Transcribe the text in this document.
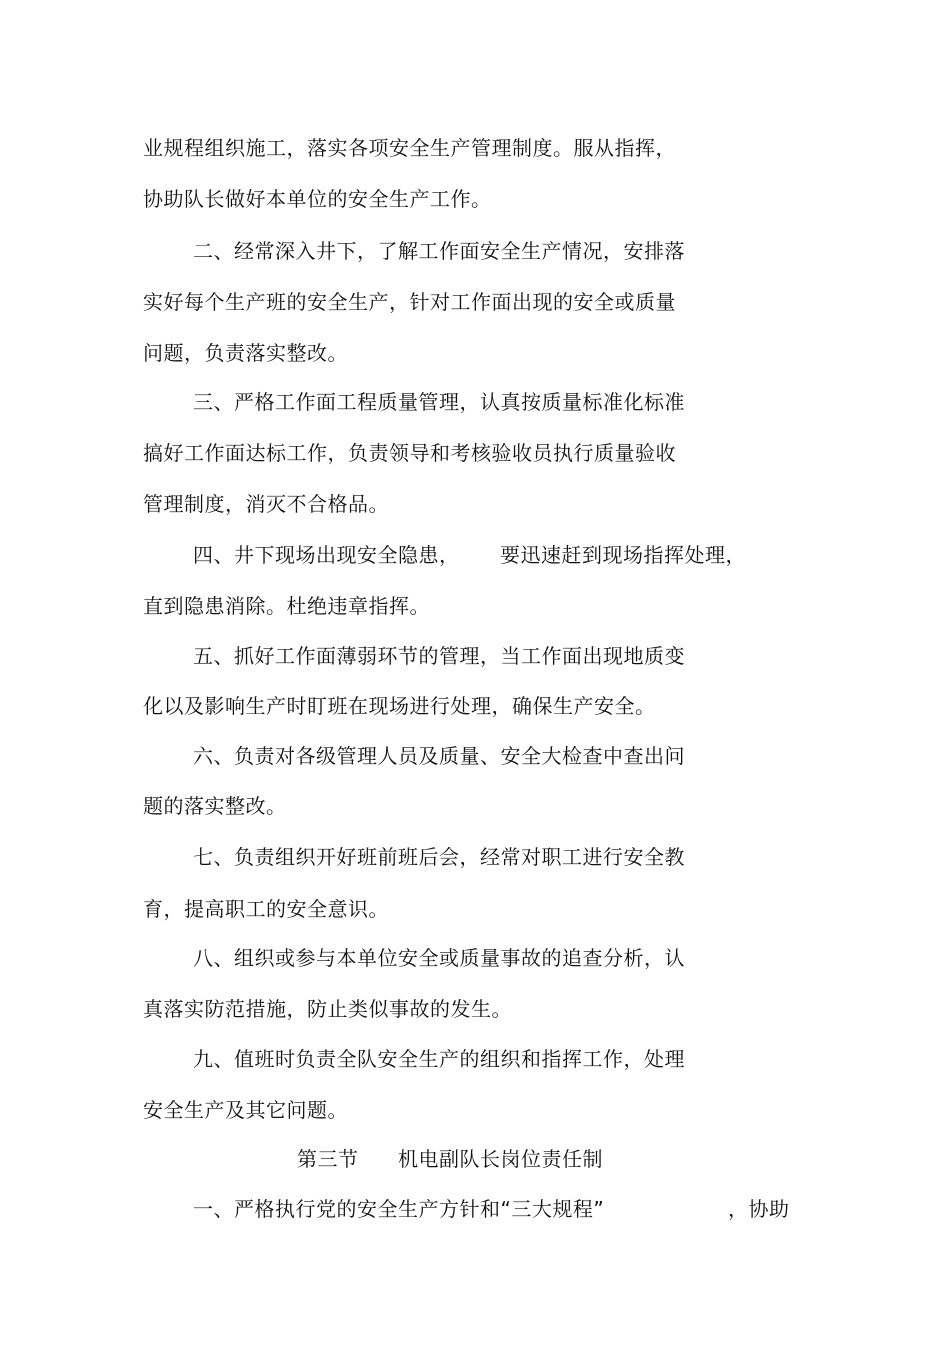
业规程组织施工，落实各项安全生产管理制度。服从指挥，
协助队长做好本单位的安全生产工作。
二、经常深入井下，了解工作面安全生产情况，安排落
实好每个生产班的安全生产，针对工作面出现的安全或质量
问题，负责落实整改。
三、严格工作面工程质量管理，认真按质量标准化标准
搞好工作面达标工作，负责领导和考核验收员执行质量验收
管理制度，消灭不合格品。
四、井下现场出现安全隐患， 要迅速赶到现场指挥处理，
直到隐患消除。杜绝违章指挥。
五、抓好工作面薄弱环节的管理，当工作面出现地质变
化以及影响生产时盯班在现场进行处理，确保生产安全。
六、负责对各级管理人员及质量、安全大检查中查出问
题的落实整改。
七、负责组织开好班前班后会，经常对职工进行安全教
育，提高职工的安全意识。
八、组织或参与本单位安全或质量事故的追查分析，认
真落实防范措施，防止类似事故的发生。
九、值班时负责全队安全生产的组织和指挥工作，处理
安全生产及其它问题。
第三节 机电副队长岗位责任制
一、严格执行党的安全生产方针和“三大规程”	，协助
